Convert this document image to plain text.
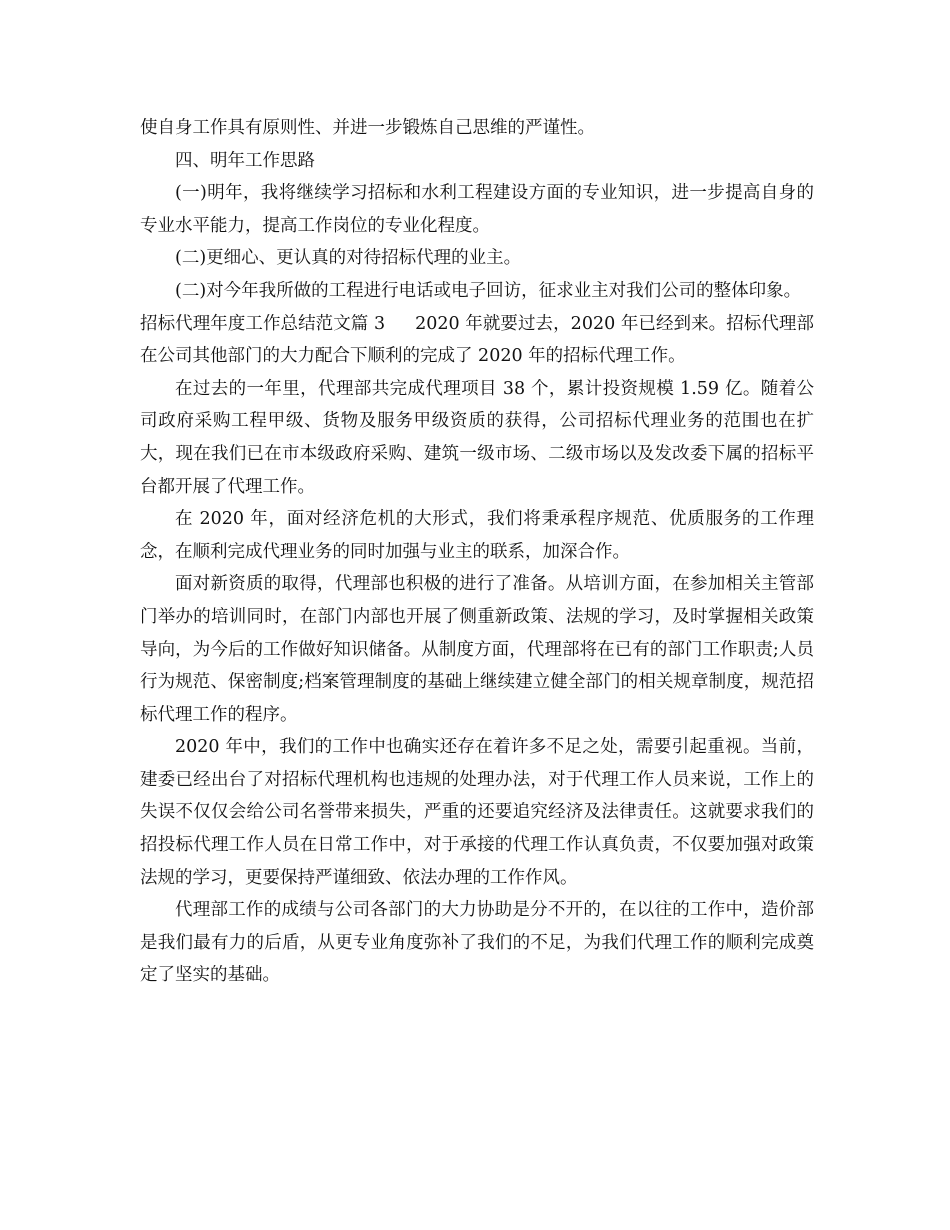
使自身工作具有原则性、并进一步锻炼自己思维的严谨性。

四、明年工作思路

(一)明年，我将继续学习招标和水利工程建设方面的专业知识，进一步提高自身的专业水平能力，提高工作岗位的专业化程度。

(二)更细心、更认真的对待招标代理的业主。

(二)对今年我所做的工程进行电话或电子回访，征求业主对我们公司的整体印象。

招标代理年度工作总结范文篇 3 2020 年就要过去，2020 年已经到来。招标代理部在公司其他部门的大力配合下顺利的完成了 2020 年的招标代理工作。

在过去的一年里，代理部共完成代理项目 38 个，累计投资规模 1.59 亿。随着公司政府采购工程甲级、货物及服务甲级资质的获得，公司招标代理业务的范围也在扩大，现在我们已在市本级政府采购、建筑一级市场、二级市场以及发改委下属的招标平台都开展了代理工作。

在 2020 年，面对经济危机的大形式，我们将秉承程序规范、优质服务的工作理念，在顺利完成代理业务的同时加强与业主的联系，加深合作。

面对新资质的取得，代理部也积极的进行了准备。从培训方面，在参加相关主管部门举办的培训同时，在部门内部也开展了侧重新政策、法规的学习，及时掌握相关政策导向，为今后的工作做好知识储备。从制度方面，代理部将在已有的部门工作职责;人员行为规范、保密制度;档案管理制度的基础上继续建立健全部门的相关规章制度，规范招标代理工作的程序。

2020 年中，我们的工作中也确实还存在着许多不足之处，需要引起重视。当前，建委已经出台了对招标代理机构也违规的处理办法，对于代理工作人员来说，工作上的失误不仅仅会给公司名誉带来损失，严重的还要追究经济及法律责任。这就要求我们的招投标代理工作人员在日常工作中，对于承接的代理工作认真负责，不仅要加强对政策法规的学习，更要保持严谨细致、依法办理的工作作风。

代理部工作的成绩与公司各部门的大力协助是分不开的，在以往的工作中，造价部是我们最有力的后盾，从更专业角度弥补了我们的不足，为我们代理工作的顺利完成奠定了坚实的基础。
